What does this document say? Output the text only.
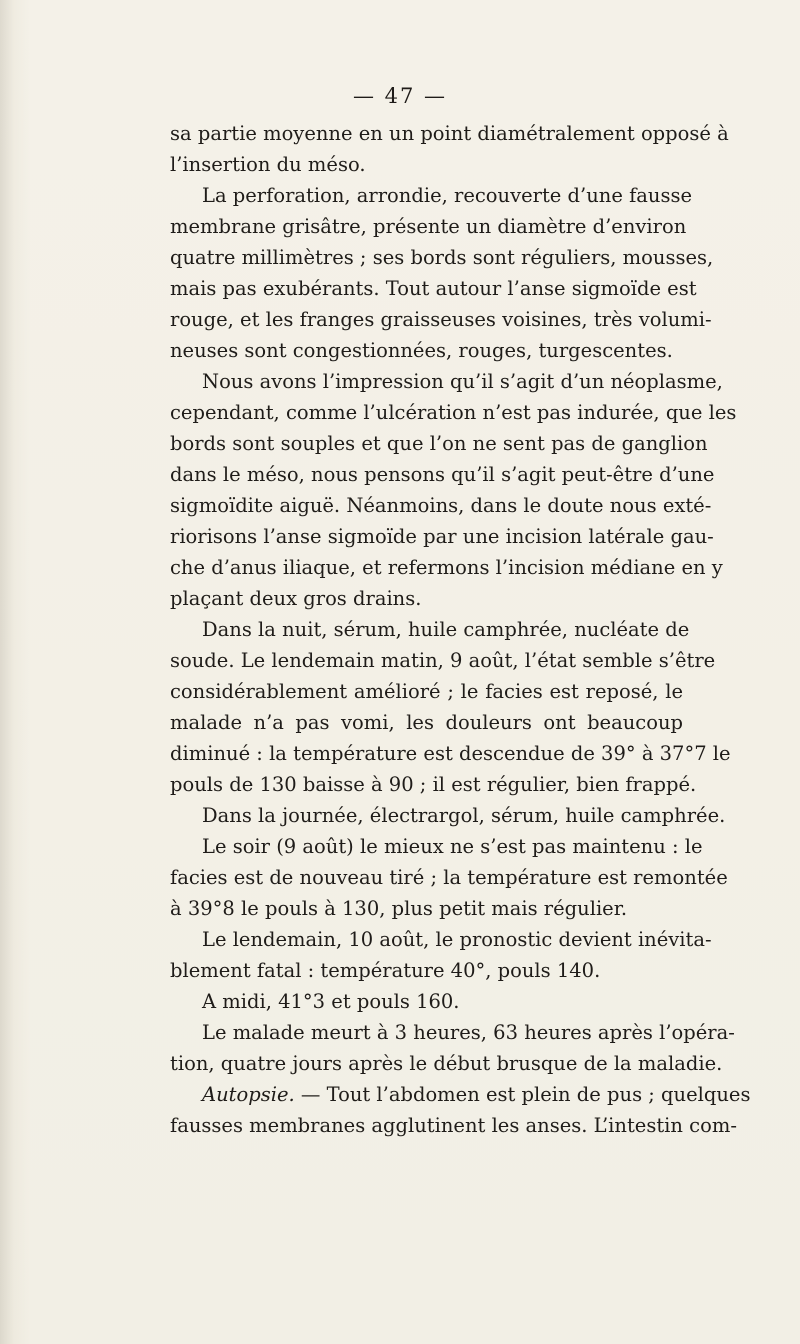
— 47 —
sa partie moyenne en un point diamétralement opposé à
l’insertion du méso.
La perforation, arrondie, recouverte d’une fausse
membrane grisâtre, présente un diamètre d’environ
quatre millimètres ; ses bords sont réguliers, mousses,
mais pas exubérants. Tout autour l’anse sigmoïde est
rouge, et les franges graisseuses voisines, très volumi-
neuses sont congestionnées, rouges, turgescentes.
Nous avons l’impression qu’il s’agit d’un néoplasme,
cependant, comme l’ulcération n’est pas indurée, que les
bords sont souples et que l’on ne sent pas de ganglion
dans le méso, nous pensons qu’il s’agit peut-être d’une
sigmoïdite aiguë. Néanmoins, dans le doute nous exté-
riorisons l’anse sigmoïde par une incision latérale gau-
che d’anus iliaque, et refermons l’incision médiane en y
plaçant deux gros drains.
Dans la nuit, sérum, huile camphrée, nucléate de
soude. Le lendemain matin, 9 août, l’état semble s’être
considérablement amélioré ; le facies est reposé, le
malade n’a pas vomi, les douleurs ont beaucoup
diminué : la température est descendue de 39° à 37°7 le
pouls de 130 baisse à 90 ; il est régulier, bien frappé.
Dans la journée, électrargol, sérum, huile camphrée.
Le soir (9 août) le mieux ne s’est pas maintenu : le
facies est de nouveau tiré ; la température est remontée
à 39°8 le pouls à 130, plus petit mais régulier.
Le lendemain, 10 août, le pronostic devient inévita-
blement fatal : température 40°, pouls 140.
A midi, 41°3 et pouls 160.
Le malade meurt à 3 heures, 63 heures après l’opéra-
tion, quatre jours après le début brusque de la maladie.
Autopsie. — Tout l’abdomen est plein de pus ; quelques
fausses membranes agglutinent les anses. L’intestin com-
